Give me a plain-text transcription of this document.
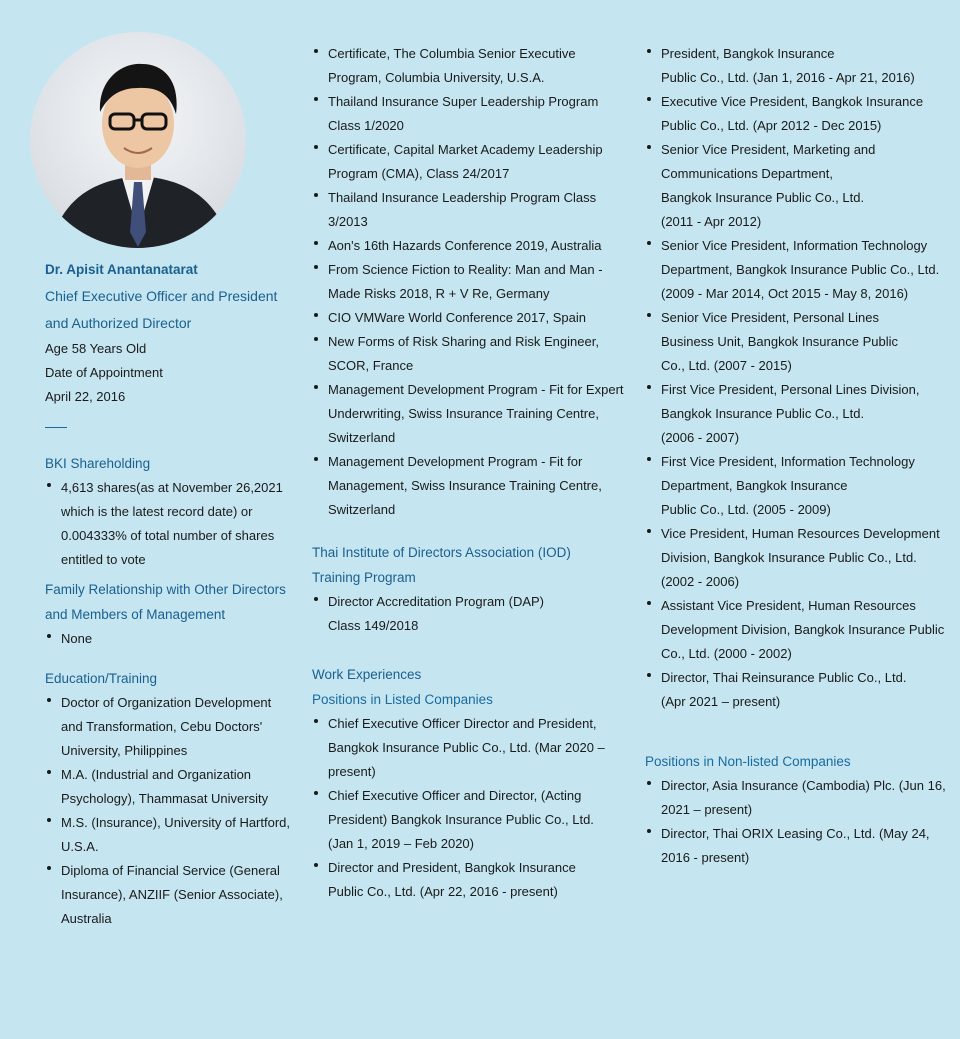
Dr. Apisit Anantanatarat
Chief Executive Officer and President
and Authorized Director
Age 58 Years Old
Date of Appointment
April 22, 2016
BKI Shareholding
4,613 shares(as at November 26,2021
which is the latest record date) or
0.004333% of total number of shares
entitled to vote
Family Relationship with Other Directors
and Members of Management
None
Education/Training
Doctor of Organization Development
and Transformation, Cebu Doctors'
University, Philippines
M.A. (Industrial and Organization
Psychology), Thammasat University
M.S. (Insurance), University of Hartford,
U.S.A.
Diploma of Financial Service (General
Insurance), ANZIIF (Senior Associate),
Australia
Certificate, The Columbia Senior Executive
Program, Columbia University, U.S.A.
Thailand Insurance Super Leadership Program
Class 1/2020
Certificate, Capital Market Academy Leadership
Program (CMA), Class 24/2017
Thailand Insurance Leadership Program Class
3/2013
Aon's 16th Hazards Conference 2019, Australia
From Science Fiction to Reality: Man and Man -
Made Risks 2018, R + V Re, Germany
CIO VMWare World Conference 2017, Spain
New Forms of Risk Sharing and Risk Engineer,
SCOR, France
Management Development Program - Fit for Expert
Underwriting, Swiss Insurance Training Centre,
Switzerland
Management Development Program - Fit for
Management, Swiss Insurance Training Centre,
Switzerland
Thai Institute of Directors Association (IOD)
Training Program
Director Accreditation Program (DAP)
Class 149/2018
Work Experiences
Positions in Listed Companies
Chief Executive Officer Director and President,
Bangkok Insurance Public Co., Ltd. (Mar 2020 –
present)
Chief Executive Officer and Director, (Acting
President) Bangkok Insurance Public Co., Ltd.
(Jan 1, 2019 – Feb 2020)
Director and President, Bangkok Insurance
Public Co., Ltd. (Apr 22, 2016 - present)
President, Bangkok Insurance
Public Co., Ltd. (Jan 1, 2016 - Apr 21, 2016)
Executive Vice President, Bangkok Insurance
Public Co., Ltd. (Apr 2012 - Dec 2015)
Senior Vice President, Marketing and
Communications Department,
Bangkok Insurance Public Co., Ltd.
(2011 - Apr 2012)
Senior Vice President, Information Technology
Department, Bangkok Insurance Public Co., Ltd.
(2009 - Mar 2014, Oct 2015 - May 8, 2016)
Senior Vice President, Personal Lines
Business Unit, Bangkok Insurance Public
Co., Ltd. (2007 - 2015)
First Vice President, Personal Lines Division,
Bangkok Insurance Public Co., Ltd.
(2006 - 2007)
First Vice President, Information Technology
Department, Bangkok Insurance
Public Co., Ltd. (2005 - 2009)
Vice President, Human Resources Development
Division, Bangkok Insurance Public Co., Ltd.
(2002 - 2006)
Assistant Vice President, Human Resources
Development Division, Bangkok Insurance Public
Co., Ltd. (2000 - 2002)
Director, Thai Reinsurance Public Co., Ltd.
(Apr 2021 – present)
Positions in Non-listed Companies
Director, Asia Insurance (Cambodia) Plc. (Jun 16,
2021 – present)
Director, Thai ORIX Leasing Co., Ltd. (May 24,
2016 - present)
